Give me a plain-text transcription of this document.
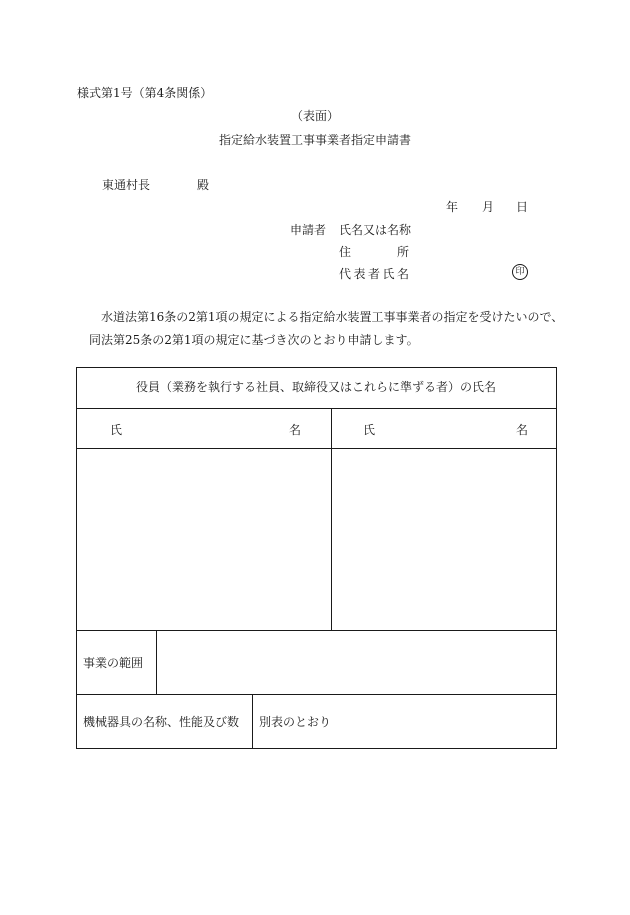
様式第1号（第4条関係）
（表面）
指定給水装置工事事業者指定申請書
東通村長	殿
年 月 日
申請者 氏名又は名称
住	所
代 表 者 氏 名	印
水道法第16条の2第1項の規定による指定給水装置工事事業者の指定を受けたいので、
同法第25条の2第1項の規定に基づき次のとおり申請します。
役員（業務を執行する社員、取締役又はこれらに準ずる者）の氏名
氏	名	氏	名
事業の範囲
機械器具の名称、性能及び数 別表のとおり
